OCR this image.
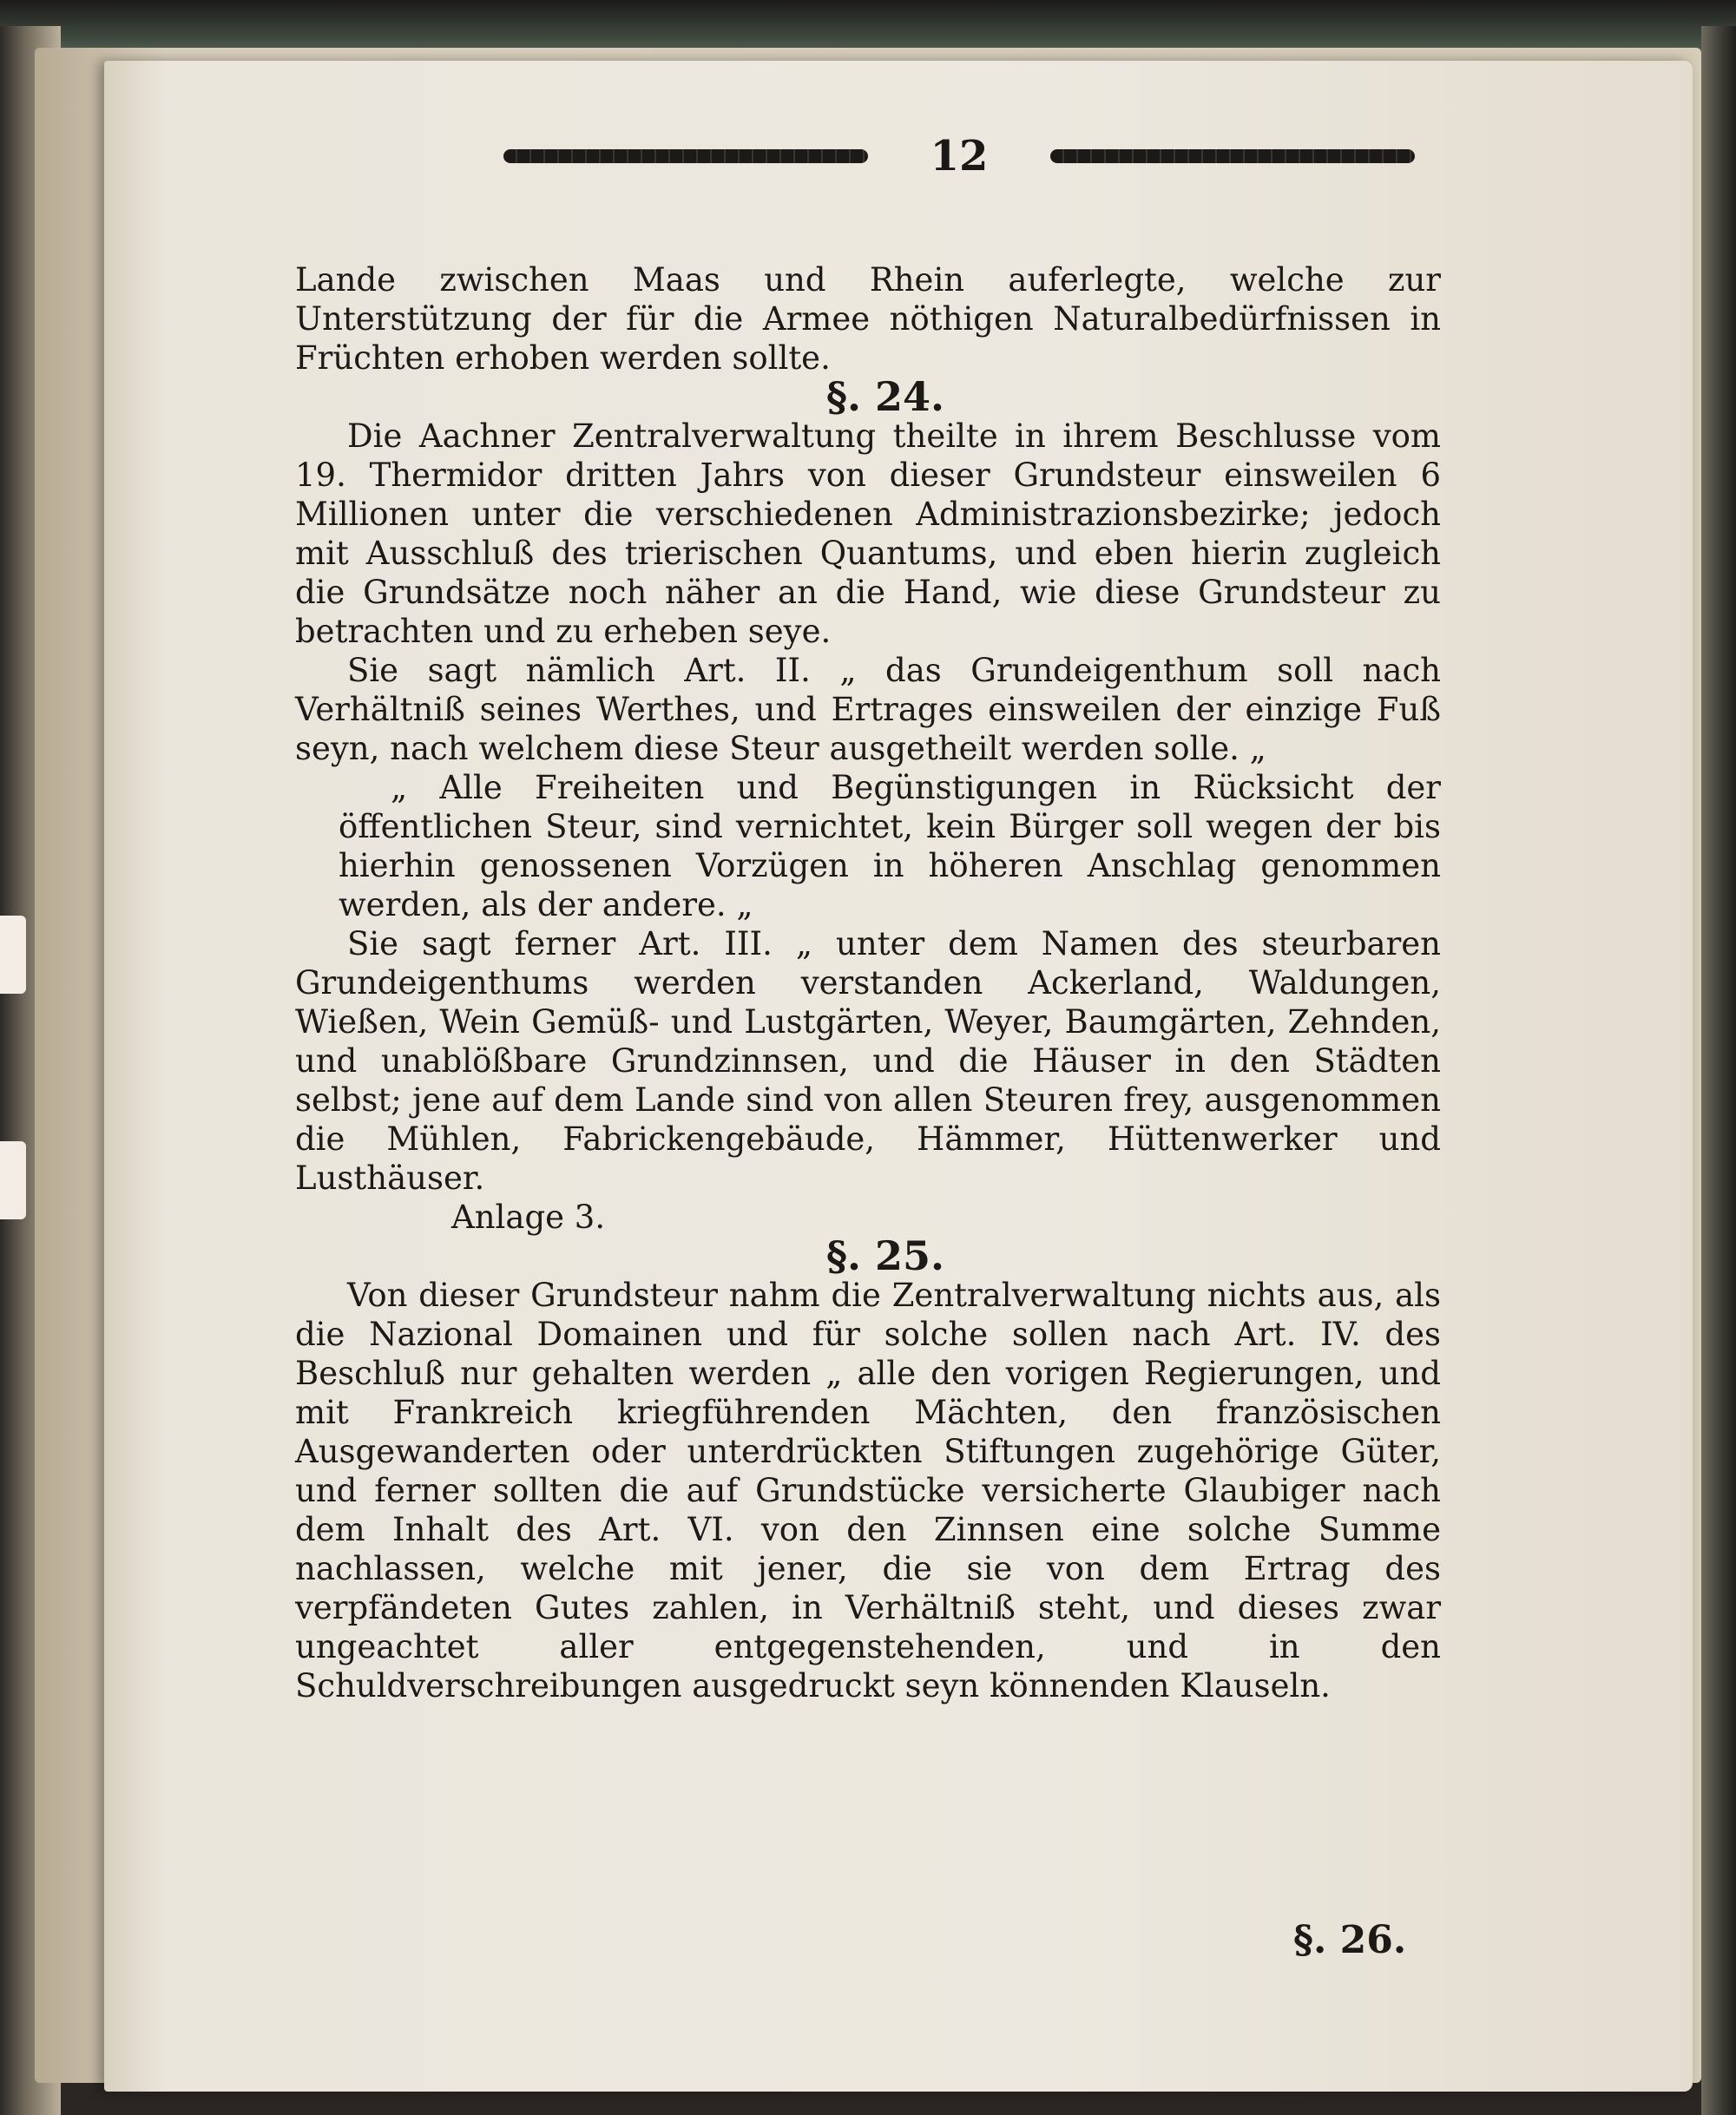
12

Lande zwischen Maas und Rhein auferlegte, welche zur Unterstützung der für die Armee nöthigen Naturalbedürfnissen in Früchten erhoben werden sollte.

§. 24.

Die Aachner Zentralverwaltung theilte in ihrem Beschlusse vom 19. Thermidor dritten Jahrs von dieser Grundsteur einsweilen 6 Millionen unter die verschiedenen Administrazionsbezirke; jedoch mit Ausschluß des trierischen Quantums, und eben hierin zugleich die Grundsätze noch näher an die Hand, wie diese Grundsteur zu betrachten und zu erheben seye.

Sie sagt nämlich Art. II. „ das Grundeigenthum soll nach Verhältniß seines Werthes, und Ertrages einsweilen der einzige Fuß seyn, nach welchem diese Steur ausgetheilt werden solle. „

„ Alle Freiheiten und Begünstigungen in Rücksicht der öffentlichen Steur, sind vernichtet, kein Bürger soll wegen der bis hierhin genossenen Vorzügen in höheren Anschlag genommen werden, als der andere. „

Sie sagt ferner Art. III. „ unter dem Namen des steurbaren Grundeigenthums werden verstanden Ackerland, Waldungen, Wießen, Wein Gemüß- und Lustgärten, Weyer, Baumgärten, Zehnden, und unablößbare Grundzinnsen, und die Häuser in den Städten selbst; jene auf dem Lande sind von allen Steuren frey, ausgenommen die Mühlen, Fabrickengebäude, Hämmer, Hüttenwerker und Lusthäuser.

Anlage 3.

§. 25.

Von dieser Grundsteur nahm die Zentralverwaltung nichts aus, als die Nazional Domainen und für solche sollen nach Art. IV. des Beschluß nur gehalten werden „ alle den vorigen Regierungen, und mit Frankreich kriegführenden Mächten, den französischen Ausgewanderten oder unterdrückten Stiftungen zugehörige Güter, und ferner sollten die auf Grundstücke versicherte Glaubiger nach dem Inhalt des Art. VI. von den Zinnsen eine solche Summe nachlassen, welche mit jener, die sie von dem Ertrag des verpfändeten Gutes zahlen, in Verhältniß steht, und dieses zwar ungeachtet aller entgegenstehenden, und in den Schuldverschreibungen ausgedruckt seyn könnenden Klauseln.

§. 26.
